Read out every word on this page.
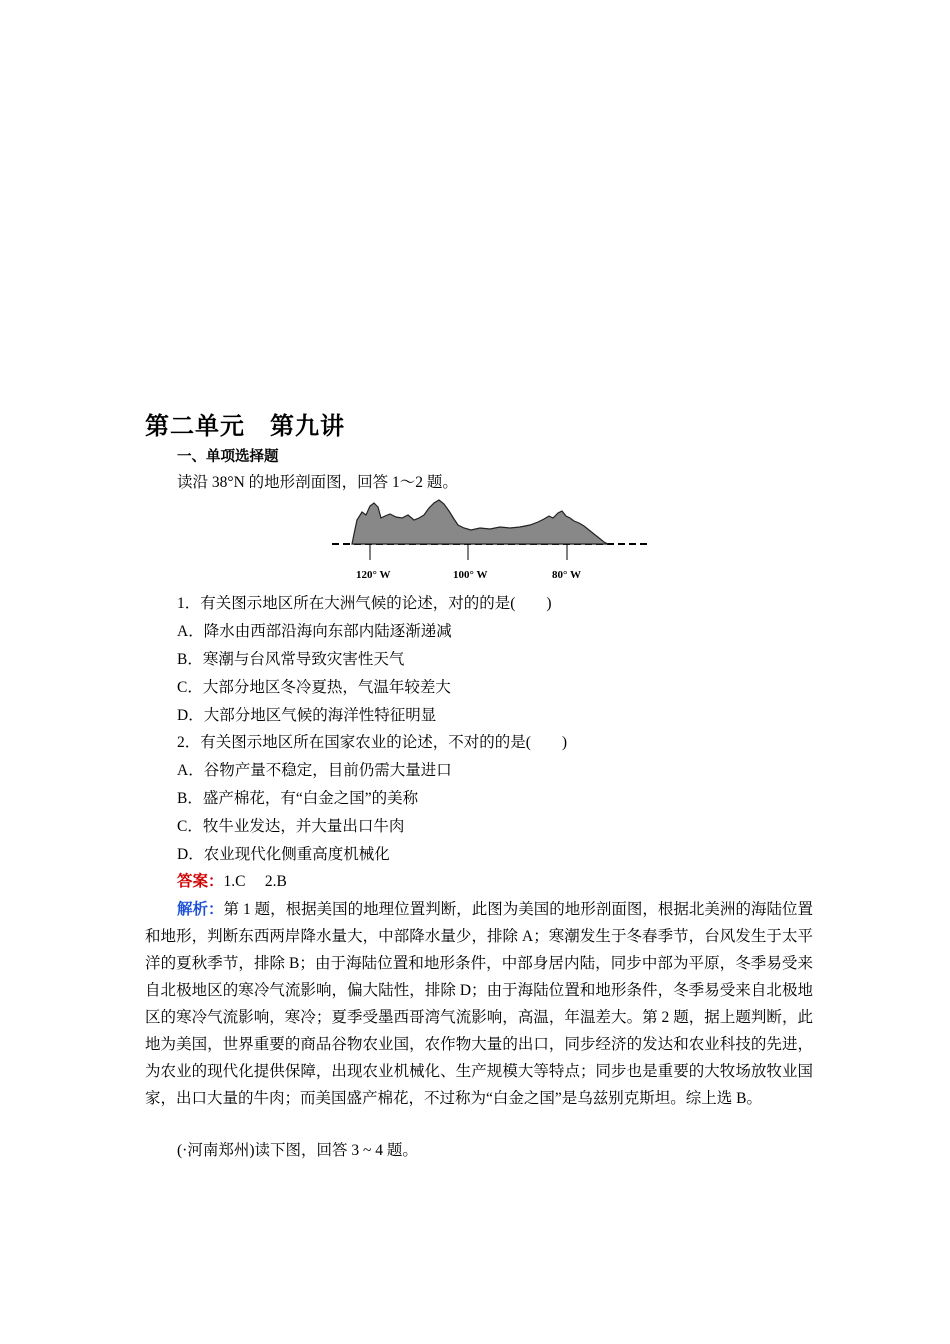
第二单元　第九讲
一、单项选择题
读沿 38°N 的地形剖面图，回答 1～2 题。
120° W	100° W	80° W
1．有关图示地区所在大洲气候的论述，对的的是(　　)
A．降水由西部沿海向东部内陆逐渐递减
B．寒潮与台风常导致灾害性天气
C．大部分地区冬冷夏热，气温年较差大
D．大部分地区气候的海洋性特征明显
2．有关图示地区所在国家农业的论述，不对的的是(　　)
A．谷物产量不稳定，目前仍需大量进口
B．盛产棉花，有“白金之国”的美称
C．牧牛业发达，并大量出口牛肉
D．农业现代化侧重高度机械化
答案：1.C　 2.B
解析：第 1 题，根据美国的地理位置判断，此图为美国的地形剖面图，根据北美洲的海陆位置和地形，判断东西两岸降水量大，中部降水量少，排除 A；寒潮发生于冬春季节，台风发生于太平洋的夏秋季节，排除 B；由于海陆位置和地形条件，中部身居内陆，同步中部为平原，冬季易受来自北极地区的寒冷气流影响，偏大陆性，排除 D；由于海陆位置和地形条件，冬季易受来自北极地区的寒冷气流影响，寒冷；夏季受墨西哥湾气流影响，高温，年温差大。第 2 题，据上题判断，此地为美国，世界重要的商品谷物农业国，农作物大量的出口，同步经济的发达和农业科技的先进，为农业的现代化提供保障，出现农业机械化、生产规模大等特点；同步也是重要的大牧场放牧业国家，出口大量的牛肉；而美国盛产棉花，不过称为“白金之国”是乌兹别克斯坦。综上选 B。
(·河南郑州)读下图，回答 3 ~ 4 题。
